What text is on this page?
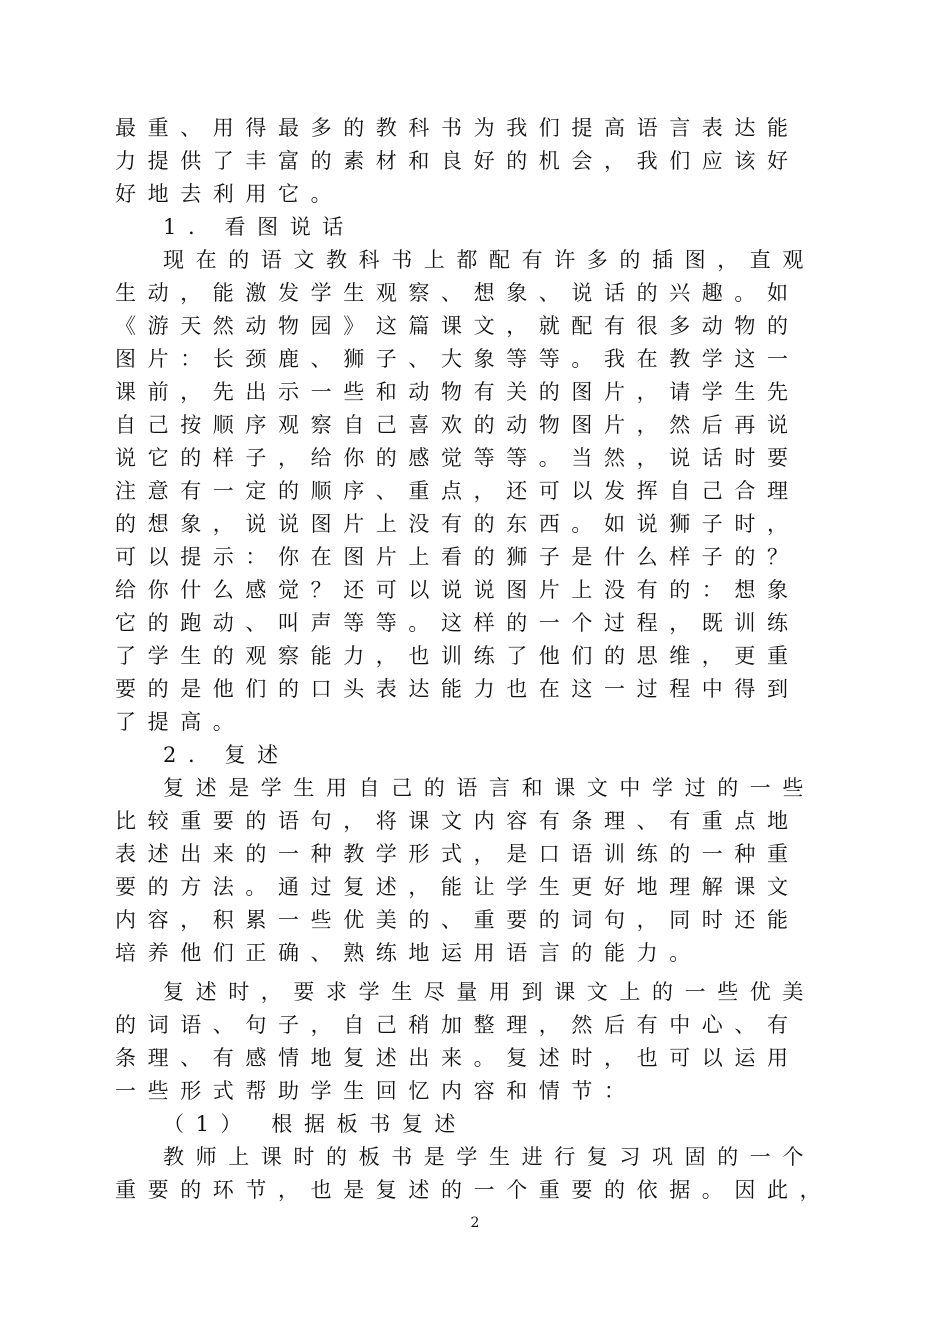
最重、用得最多的教科书为我们提高语言表达能
力提供了丰富的素材和良好的机会，我们应该好
好地去利用它。
1. 看图说话
现在的语文教科书上都配有许多的插图，直观
生动，能激发学生观察、想象、说话的兴趣。如
《游天然动物园》这篇课文，就配有很多动物的
图片：长颈鹿、狮子、大象等等。我在教学这一
课前，先出示一些和动物有关的图片，请学生先
自己按顺序观察自己喜欢的动物图片，然后再说
说它的样子，给你的感觉等等。当然，说话时要
注意有一定的顺序、重点，还可以发挥自己合理
的想象，说说图片上没有的东西。如说狮子时，
可以提示：你在图片上看的狮子是什么样子的？
给你什么感觉？还可以说说图片上没有的：想象
它的跑动、叫声等等。这样的一个过程，既训练
了学生的观察能力，也训练了他们的思维，更重
要的是他们的口头表达能力也在这一过程中得到
了提高。
2. 复述
复述是学生用自己的语言和课文中学过的一些
比较重要的语句，将课文内容有条理、有重点地
表述出来的一种教学形式，是口语训练的一种重
要的方法。通过复述，能让学生更好地理解课文
内容，积累一些优美的、重要的词句，同时还能
培养他们正确、熟练地运用语言的能力。
复述时，要求学生尽量用到课文上的一些优美
的词语、句子，自己稍加整理，然后有中心、有
条理、有感情地复述出来。复述时，也可以运用
一些形式帮助学生回忆内容和情节：
（1） 根据板书复述
教师上课时的板书是学生进行复习巩固的一个
重要的环节，也是复述的一个重要的依据。因此，
2
